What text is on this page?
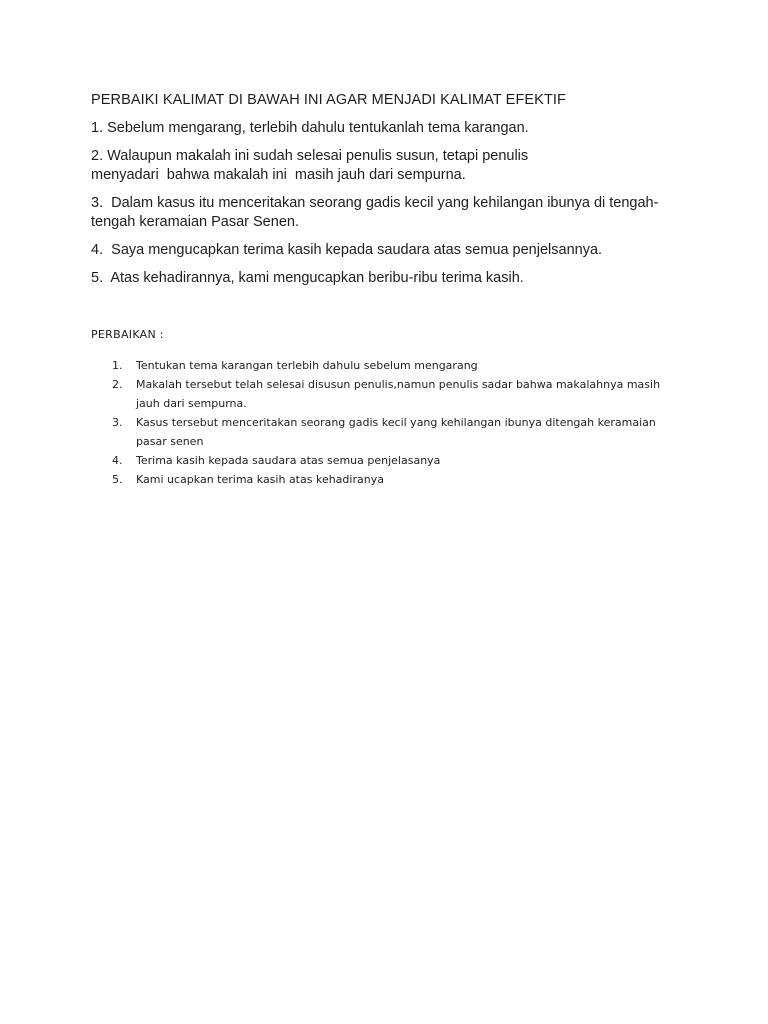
PERBAIKI KALIMAT DI BAWAH INI AGAR MENJADI KALIMAT EFEKTIF
1. Sebelum mengarang, terlebih dahulu tentukanlah tema karangan.
2. Walaupun makalah ini sudah selesai penulis susun, tetapi penulis
menyadari  bahwa makalah ini  masih jauh dari sempurna.
3.  Dalam kasus itu menceritakan seorang gadis kecil yang kehilangan ibunya di tengah-
tengah keramaian Pasar Senen.
4.  Saya mengucapkan terima kasih kepada saudara atas semua penjelsannya.
5.  Atas kehadirannya, kami mengucapkan beribu-ribu terima kasih.
PERBAIKAN :
1. Tentukan tema karangan terlebih dahulu sebelum mengarang
2. Makalah tersebut telah selesai disusun penulis,namun penulis sadar bahwa makalahnya masih
jauh dari sempurna.
3. Kasus tersebut menceritakan seorang gadis kecil yang kehilangan ibunya ditengah keramaian
pasar senen
4. Terima kasih kepada saudara atas semua penjelasanya
5. Kami ucapkan terima kasih atas kehadiranya
